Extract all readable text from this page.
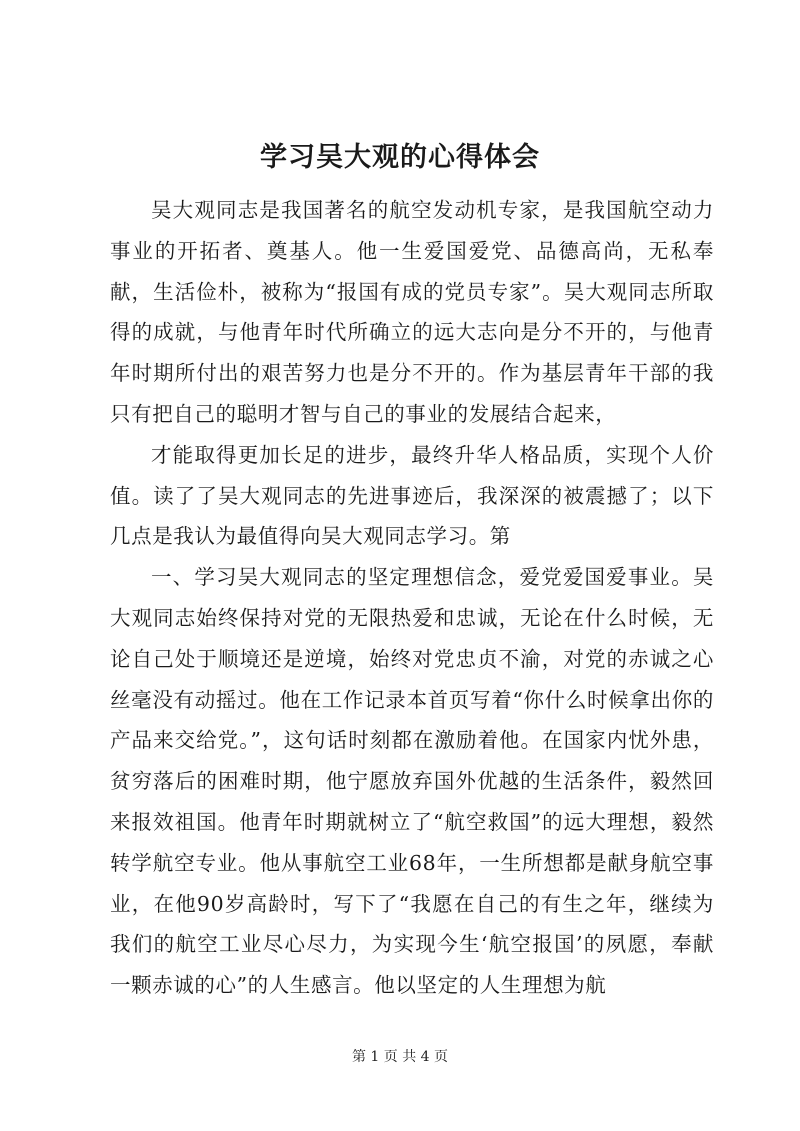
学习吴大观的心得体会

吴大观同志是我国著名的航空发动机专家，是我国航空动力事业的开拓者、奠基人。他一生爱国爱党、品德高尚，无私奉献，生活俭朴，被称为“报国有成的党员专家”。吴大观同志所取得的成就，与他青年时代所确立的远大志向是分不开的，与他青年时期所付出的艰苦努力也是分不开的。作为基层青年干部的我只有把自己的聪明才智与自己的事业的发展结合起来，

才能取得更加长足的进步，最终升华人格品质，实现个人价值。读了了吴大观同志的先进事迹后，我深深的被震撼了；以下几点是我认为最值得向吴大观同志学习。第

一、学习吴大观同志的坚定理想信念，爱党爱国爱事业。吴大观同志始终保持对党的无限热爱和忠诚，无论在什么时候，无论自己处于顺境还是逆境，始终对党忠贞不渝，对党的赤诚之心丝毫没有动摇过。他在工作记录本首页写着“你什么时候拿出你的产品来交给党。”，这句话时刻都在激励着他。在国家内忧外患，贫穷落后的困难时期，他宁愿放弃国外优越的生活条件，毅然回来报效祖国。他青年时期就树立了“航空救国”的远大理想，毅然转学航空专业。他从事航空工业68年，一生所想都是献身航空事业，在他90岁高龄时，写下了“我愿在自己的有生之年，继续为我们的航空工业尽心尽力，为实现今生‘航空报国’的夙愿，奉献一颗赤诚的心”的人生感言。他以坚定的人生理想为航

第 1 页 共 4 页
